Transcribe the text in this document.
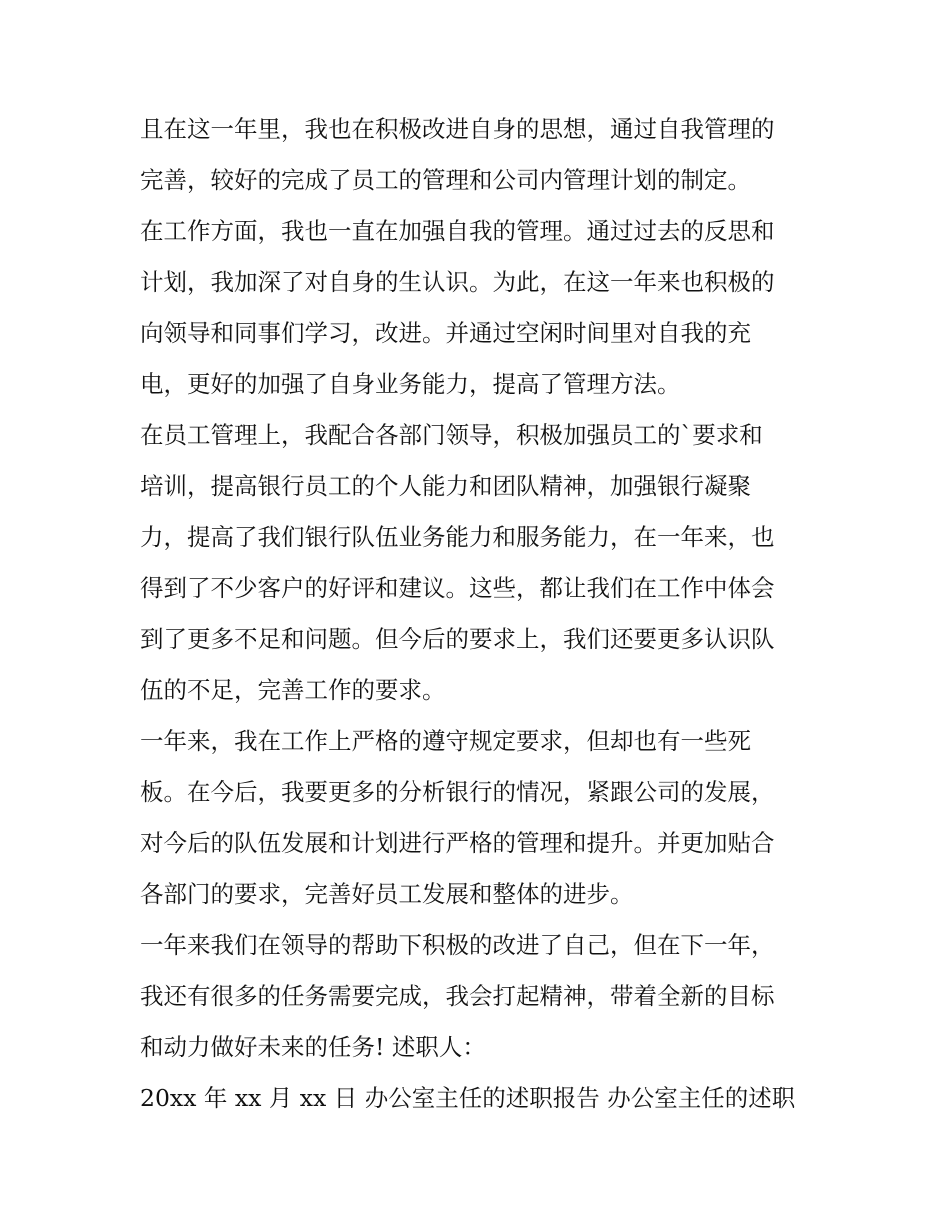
且在这一年里，我也在积极改进自身的思想，通过自我管理的
完善，较好的完成了员工的管理和公司内管理计划的制定。
在工作方面，我也一直在加强自我的管理。通过过去的反思和
计划，我加深了对自身的生认识。为此，在这一年来也积极的
向领导和同事们学习，改进。并通过空闲时间里对自我的充
电，更好的加强了自身业务能力，提高了管理方法。
在员工管理上，我配合各部门领导，积极加强员工的`要求和
培训，提高银行员工的个人能力和团队精神，加强银行凝聚
力，提高了我们银行队伍业务能力和服务能力，在一年来，也
得到了不少客户的好评和建议。这些，都让我们在工作中体会
到了更多不足和问题。但今后的要求上，我们还要更多认识队
伍的不足，完善工作的要求。
一年来，我在工作上严格的遵守规定要求，但却也有一些死
板。在今后，我要更多的分析银行的情况，紧跟公司的发展，
对今后的队伍发展和计划进行严格的管理和提升。并更加贴合
各部门的要求，完善好员工发展和整体的进步。
一年来我们在领导的帮助下积极的改进了自己，但在下一年，
我还有很多的任务需要完成，我会打起精神，带着全新的目标
和动力做好未来的任务! 述职人：
20xx 年 xx 月 xx 日 办公室主任的述职报告 办公室主任的述职
